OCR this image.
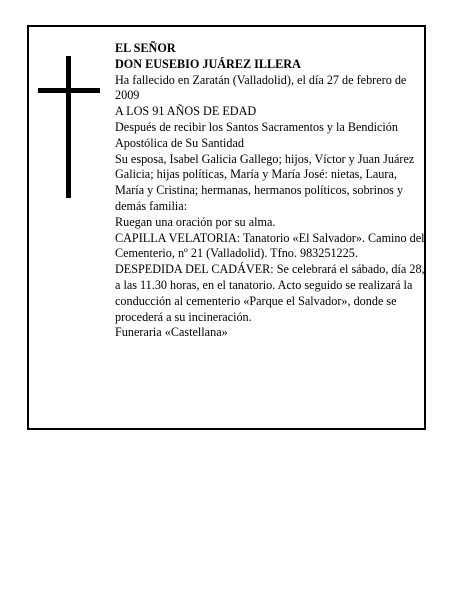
EL SEÑOR

DON EUSEBIO JUÁREZ ILLERA

Ha fallecido en Zaratán (Valladolid), el día 27 de febrero de 2009

A LOS 91 AÑOS DE EDAD

Después de recibir los Santos Sacramentos y la Bendición Apostólica de Su Santidad

Su esposa, Isabel Galicia Gallego; hijos, Víctor y Juan Juárez Galicia; hijas políticas, María y María José: nietas, Laura, María y Cristina; hermanas, hermanos políticos, sobrinos y demás familia:

Ruegan una oración por su alma.

CAPILLA VELATORIA: Tanatorio «El Salvador». Camino del Cementerio, nº 21 (Valladolid). Tfno. 983251225.

DESPEDIDA DEL CADÁVER: Se celebrará el sábado, día 28, a las 11.30 horas, en el tanatorio. Acto seguido se realizará la conducción al cementerio «Parque el Salvador», donde se procederá a su incineración.

Funeraria «Castellana»
